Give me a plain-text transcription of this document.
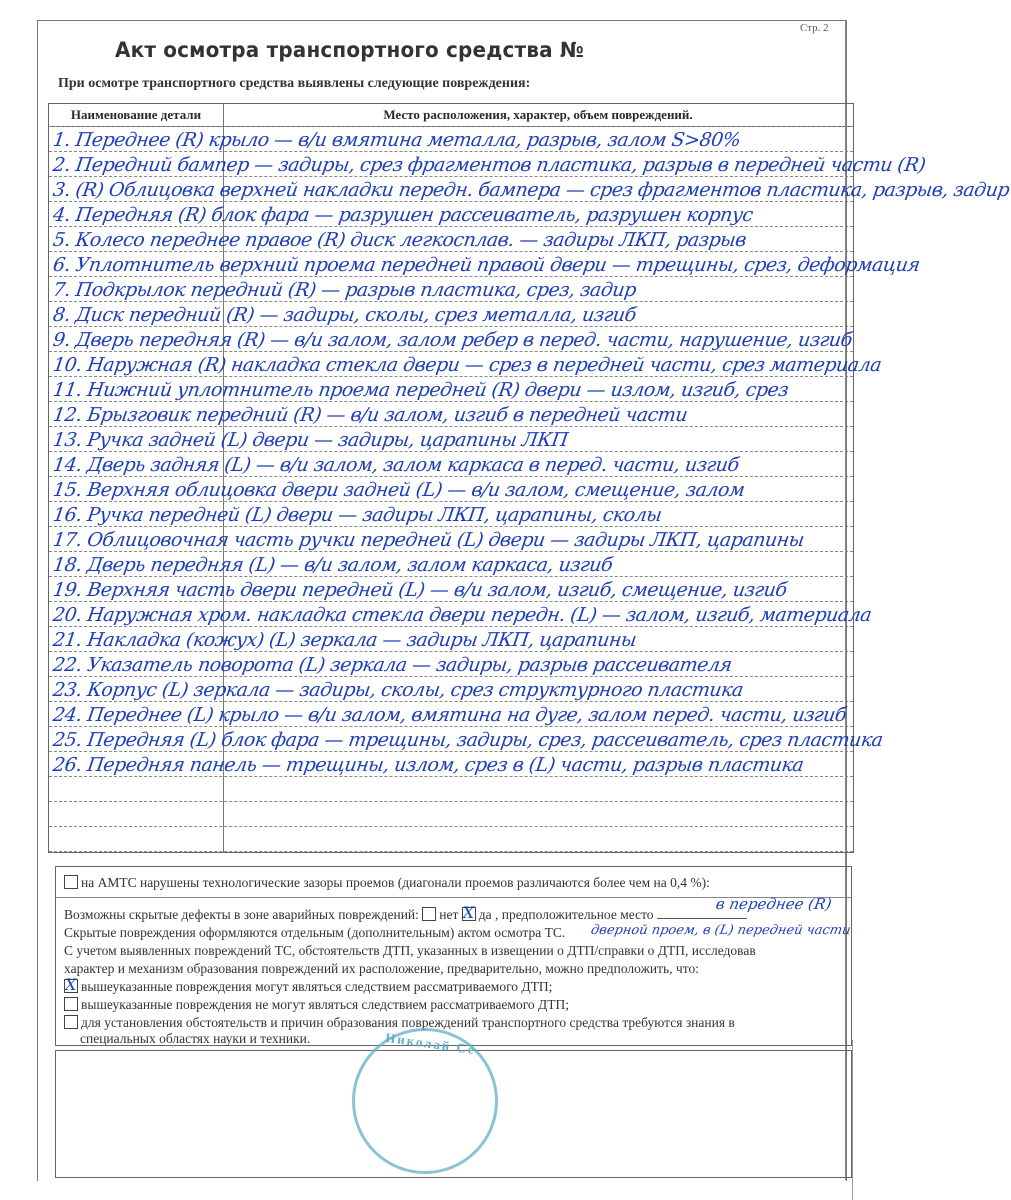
Стр. 2
Акт осмотра транспортного средства №
При осмотре транспортного средства выявлены следующие повреждения:
Наименование детали	Место расположения, характер, объем повреждений.
1. Переднее (R) крыло — в/и вмятина металла, разрыв, залом S>80%
2. Передний бампер — задиры, срез фрагментов пластика, разрыв в передней части (R)
3. (R) Облицовка верхней накладки передн. бампера — срез фрагментов пластика, разрыв, задир
4. Передняя (R) блок фара — разрушен рассеиватель, разрушен корпус
5. Колесо переднее правое (R) диск легкосплав. — задиры ЛКП, разрыв
6. Уплотнитель верхний проема передней правой двери — трещины, срез, деформация
7. Подкрылок передний (R) — разрыв пластика, срез, задир
8. Диск передний (R) — задиры, сколы, срез металла, изгиб
9. Дверь передняя (R) — в/и залом, залом ребер в перед. части, нарушение, изгиб
10. Наружная (R) накладка стекла двери — срез в передней части, срез материала
11. Нижний уплотнитель проема передней (R) двери — излом, изгиб, срез
12. Брызговик передний (R) — в/и залом, изгиб в передней части
13. Ручка задней (L) двери — задиры, царапины ЛКП
14. Дверь задняя (L) — в/и залом, залом каркаса в перед. части, изгиб
15. Верхняя облицовка двери задней (L) — в/и залом, смещение, залом
16. Ручка передней (L) двери — задиры ЛКП, царапины, сколы
17. Облицовочная часть ручки передней (L) двери — задиры ЛКП, царапины
18. Дверь передняя (L) — в/и залом, залом каркаса, изгиб
19. Верхняя часть двери передней (L) — в/и залом, изгиб, смещение, изгиб
20. Наружная хром. накладка стекла двери передн. (L) — залом, изгиб, материала
21. Накладка (кожух) (L) зеркала — задиры ЛКП, царапины
22. Указатель поворота (L) зеркала — задиры, разрыв рассеивателя
23. Корпус (L) зеркала — задиры, сколы, срез структурного пластика
24. Переднее (L) крыло — в/и залом, вмятина на дуге, залом перед. части, изгиб
25. Передняя (L) блок фара — трещины, задиры, срез, рассеиватель, срез пластика
26. Передняя панель — трещины, излом, срез в (L) части, разрыв пластика
на АМТС нарушены технологические зазоры проемов (диагонали проемов различаются более чем на 0,4 %):
Возможны скрытые дефекты в зоне аварийных повреждений: нет X да , предположительное место
в переднее (R)
Скрытые повреждения оформляются отдельным (дополнительным) актом осмотра ТС. дверной проем, в (L) передней части
С учетом выявленных повреждений ТС, обстоятельств ДТП, указанных в извещении о ДТП/справки о ДТП, исследовав
характер и механизм образования повреждений их расположение, предварительно, можно предположить, что:
Xвышеуказанные повреждения могут являться следствием рассматриваемого ДТП;
вышеуказанные повреждения не могут являться следствием рассматриваемого ДТП;
для установления обстоятельств и причин образования повреждений транспортного средства требуются знания в
специальных областях науки и техники.	Николай Се
